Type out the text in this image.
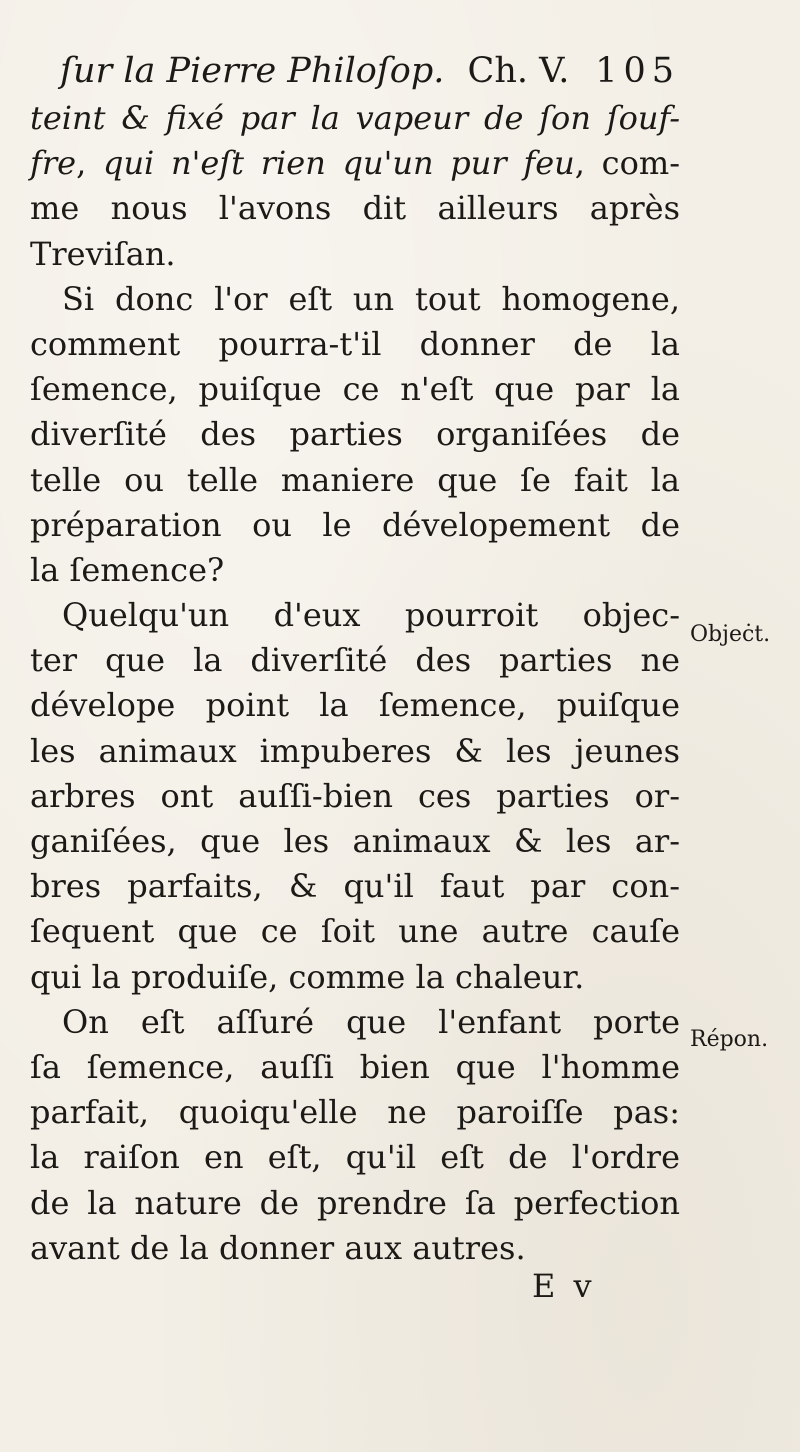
ſur la Pierre Philoſop. Ch. V. 105
teint & fixé par la vapeur de ſon ſouf-
fre, qui n'eſt rien qu'un pur feu, com-
me nous l'avons dit ailleurs après
Treviſan.
Si donc l'or eſt un tout homogene,
comment pourra-t'il donner de la
ſemence, puiſque ce n'eſt que par la
diverſité des parties organiſées de
telle ou telle maniere que ſe fait la
préparation ou le dévelopement de
la ſemence?
Quelqu'un d'eux pourroit objec-
ter que la diverſité des parties ne
dévelope point la ſemence, puiſque
les animaux impuberes & les jeunes
arbres ont auſſi-bien ces parties or-
ganiſées, que les animaux & les ar-
bres parfaits, & qu'il faut par con-
ſequent que ce ſoit une autre cauſe
qui la produiſe, comme la chaleur.
On eſt aſſuré que l'enfant porte
ſa ſemence, auſſi bien que l'homme
parfait, quoiqu'elle ne paroiſſe pas:
la raiſon en eſt, qu'il eſt de l'ordre
de la nature de prendre ſa perfection
avant de la donner aux autres.
Objeċt.
Répon.
E v
